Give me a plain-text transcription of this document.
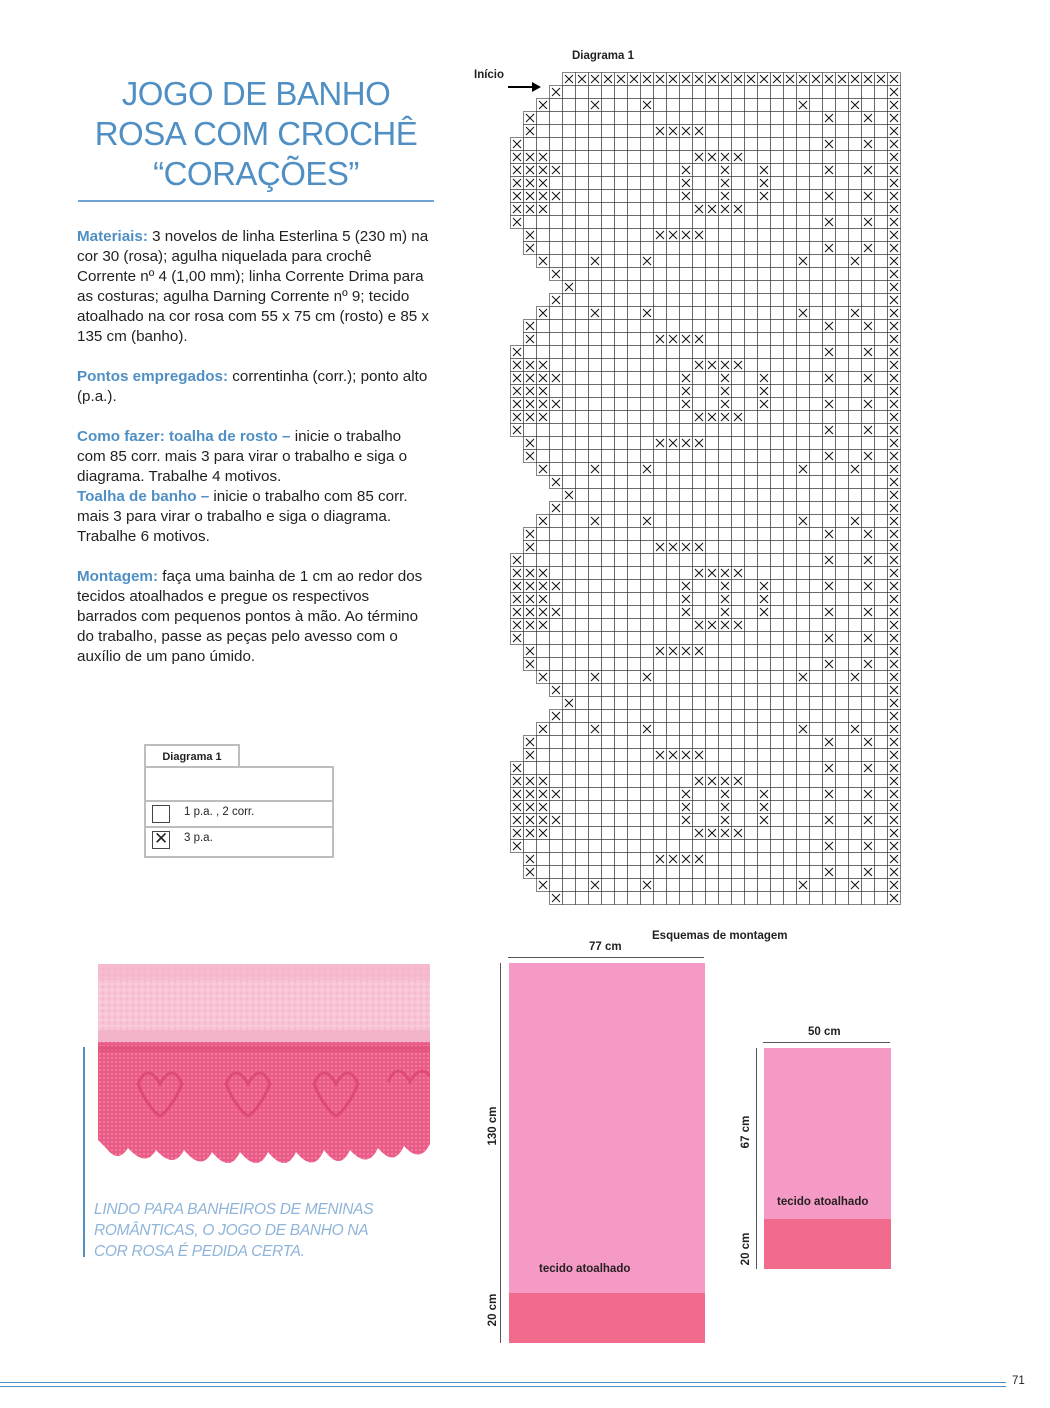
JOGO DE BANHO
ROSA COM CROCHÊ
“CORAÇÕES”

Materiais: 3 novelos de linha Esterlina 5 (230 m) na cor 30 (rosa); agulha niquelada para crochê Corrente nº 4 (1,00 mm); linha Corrente Drima para as costuras; agulha Darning Corrente nº 9; tecido atoalhado na cor rosa com 55 x 75 cm (rosto) e 85 x 135 cm (banho).

Pontos empregados: correntinha (corr.); ponto alto (p.a.).

Como fazer: toalha de rosto – inicie o trabalho com 85 corr. mais 3 para virar o trabalho e siga o diagrama. Trabalhe 4 motivos.

Toalha de banho – inicie o trabalho com 85 corr. mais 3 para virar o trabalho e siga o diagrama. Trabalhe 6 motivos.

Montagem: faça uma bainha de 1 cm ao redor dos tecidos atoalhados e pregue os respectivos barrados com pequenos pontos à mão. Ao término do trabalho, passe as peças pelo avesso com o auxílio de um pano úmido.

Diagrama 1
1 p.a. , 2 corr.
✕
3 p.a.
LINDO PARA BANHEIROS DE MENINAS ROMÂNTICAS, O JOGO DE BANHO NA COR ROSA É PEDIDA CERTA.
Diagrama 1
Início
Esquemas de montagem
77 cm
tecido atoalhado
130 cm
20 cm
50 cm
tecido atoalhado
67 cm
20 cm
71
